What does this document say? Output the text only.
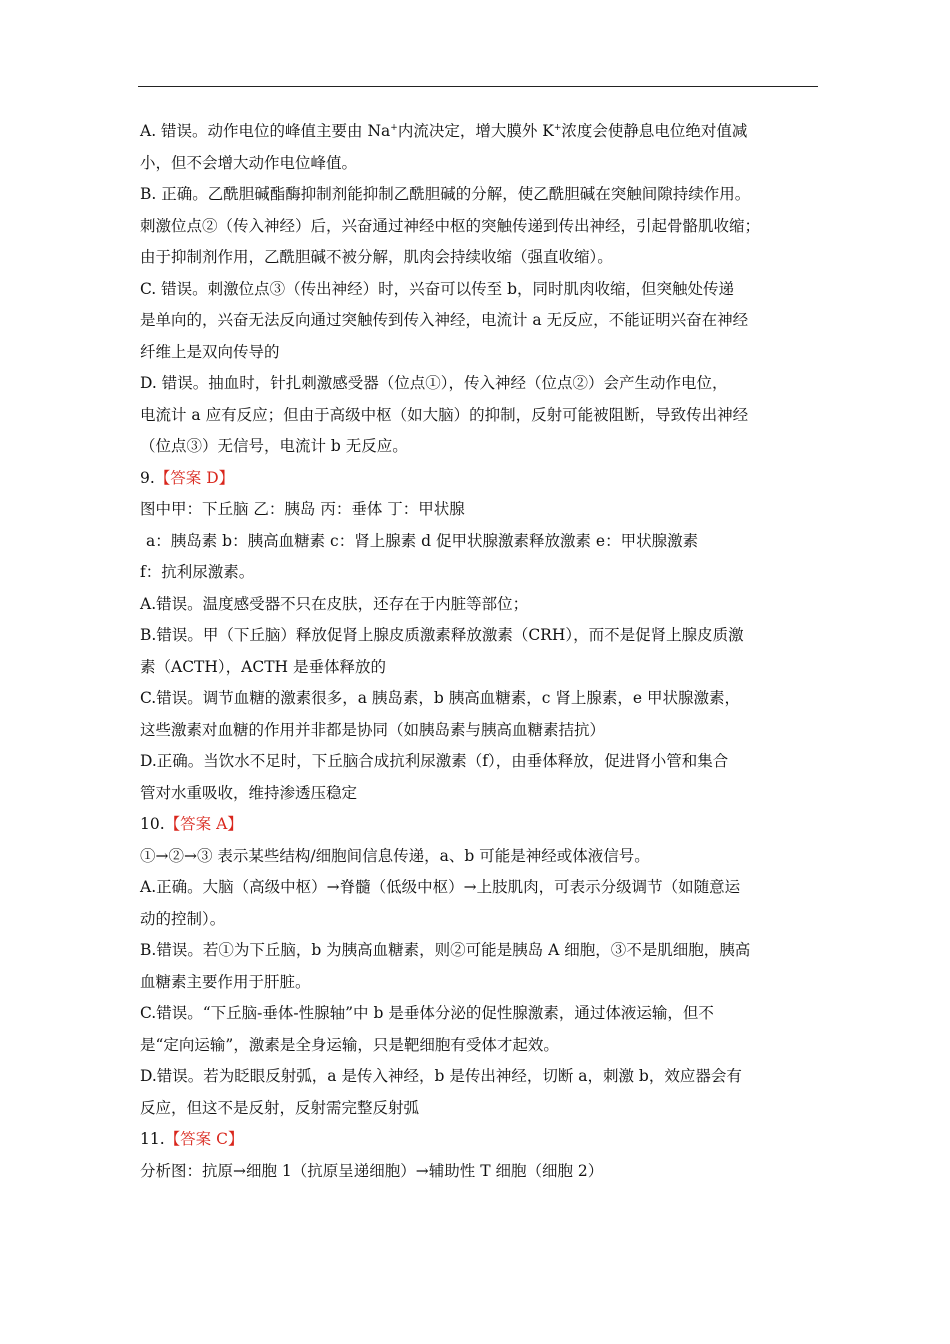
A. 错误。动作电位的峰值主要由 Na+内流决定，增大膜外 K+浓度会使静息电位绝对值减
小，但不会增大动作电位峰值。
B. 正确。乙酰胆碱酯酶抑制剂能抑制乙酰胆碱的分解，使乙酰胆碱在突触间隙持续作用。
刺激位点②（传入神经）后，兴奋通过神经中枢的突触传递到传出神经，引起骨骼肌收缩；
由于抑制剂作用，乙酰胆碱不被分解，肌肉会持续收缩（强直收缩）。
C. 错误。刺激位点③（传出神经）时，兴奋可以传至 b，同时肌肉收缩，但突触处传递
是单向的，兴奋无法反向通过突触传到传入神经，电流计 a 无反应，不能证明兴奋在神经
纤维上是双向传导的
D. 错误。抽血时，针扎刺激感受器（位点①），传入神经（位点②）会产生动作电位，
电流计 a 应有反应；但由于高级中枢（如大脑）的抑制，反射可能被阻断，导致传出神经
（位点③）无信号，电流计 b 无反应。
9.【答案 D】
图中甲：下丘脑 乙：胰岛 丙：垂体 丁：甲状腺
a：胰岛素 b：胰高血糖素 c：肾上腺素 d 促甲状腺激素释放激素 e：甲状腺激素
f：抗利尿激素。
A.错误。温度感受器不只在皮肤，还存在于内脏等部位；
B.错误。甲（下丘脑）释放促肾上腺皮质激素释放激素（CRH），而不是促肾上腺皮质激
素（ACTH），ACTH 是垂体释放的
C.错误。调节血糖的激素很多，a 胰岛素，b 胰高血糖素，c 肾上腺素，e 甲状腺激素，
这些激素对血糖的作用并非都是协同（如胰岛素与胰高血糖素拮抗）
D.正确。当饮水不足时，下丘脑合成抗利尿激素（f），由垂体释放，促进肾小管和集合
管对水重吸收，维持渗透压稳定
10.【答案 A】
①→②→③ 表示某些结构/细胞间信息传递，a、b 可能是神经或体液信号。
A.正确。大脑（高级中枢）→脊髓（低级中枢）→上肢肌肉，可表示分级调节（如随意运
动的控制）。
B.错误。若①为下丘脑，b 为胰高血糖素，则②可能是胰岛 A 细胞，③不是肌细胞，胰高
血糖素主要作用于肝脏。
C.错误。“下丘脑-垂体-性腺轴”中 b 是垂体分泌的促性腺激素，通过体液运输，但不
是“定向运输”，激素是全身运输，只是靶细胞有受体才起效。
D.错误。若为眨眼反射弧，a 是传入神经，b 是传出神经，切断 a，刺激 b，效应器会有
反应，但这不是反射，反射需完整反射弧
11.【答案 C】
分析图：抗原→细胞 1（抗原呈递细胞）→辅助性 T 细胞（细胞 2）
